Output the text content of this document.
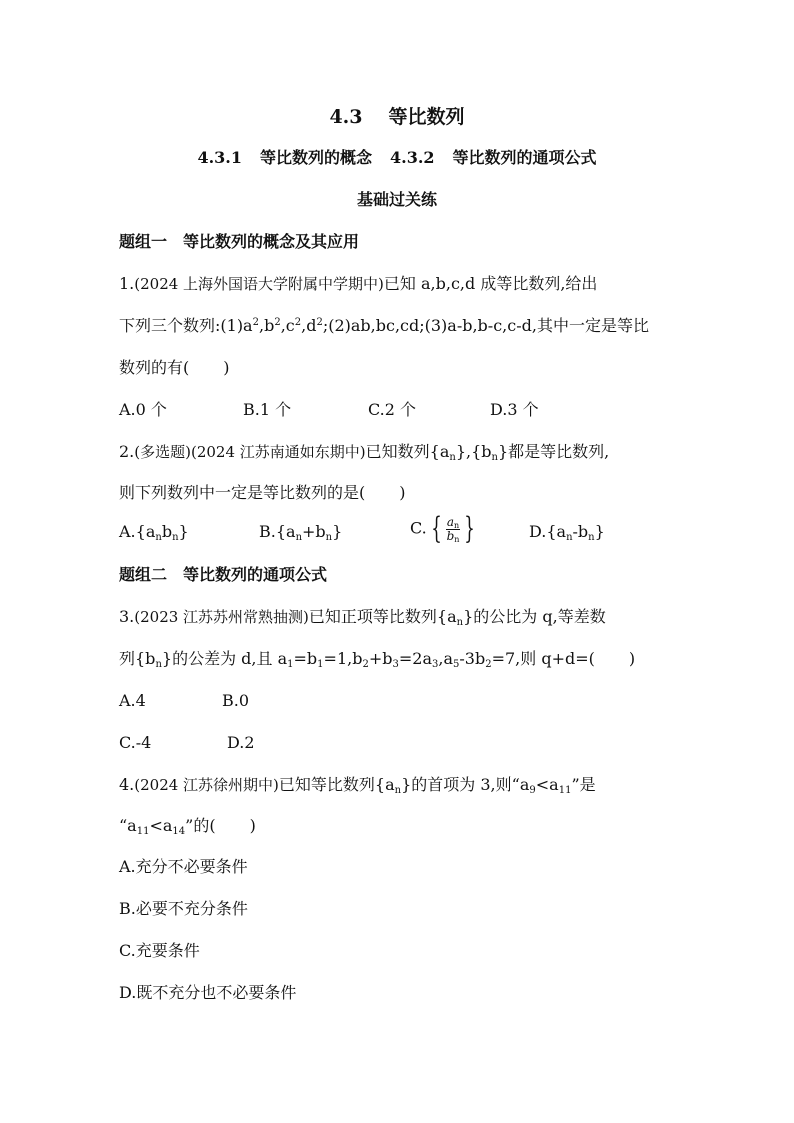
4.3 等比数列
4.3.1 等比数列的概念 4.3.2 等比数列的通项公式
基础过关练
题组一　等比数列的概念及其应用
1.(2024 上海外国语大学附属中学期中)已知 a,b,c,d 成等比数列,给出
下列三个数列$:(1)a^2,b^2,c^2,d^2;(2)ab,bc,cd;(3)a-b,b-c,c-d$,其中一定是等比
数列的有( )
A.0 个	B.1 个	C.2 个	D.3 个
2.(多选题)(2024 江苏南通如东期中)已知数列$\{a_n\},\{b_n\}$都是等比数列,
则下列数列中一定是等比数列的是( )
$A.\{a_nb_n\}$	$B.\{a_n+b_n\}$	C. { $\frac{a_n}{b_n}$ }	$D.\{a_n-b_n\}$
题组二　等比数列的通项公式
3.(2023 江苏苏州常熟抽测)已知正项等比数列$\{a_n\}$的公比为 q,等差数
列$\{b_n\}$的公差为 d,且 $a_1=b_1=1,b_2+b_3=2a_3,a_5-3b_2=7$,则 q+d=( )
A.4	B.0
C.-4	D.2
4.(2024 江苏徐州期中)已知等比数列$\{a_n\}$的首项为 3,则“$a_9<a_{11}$”是
“$a_{11}<a_{14}$”的( )
A.充分不必要条件
B.必要不充分条件
C.充要条件
D.既不充分也不必要条件
